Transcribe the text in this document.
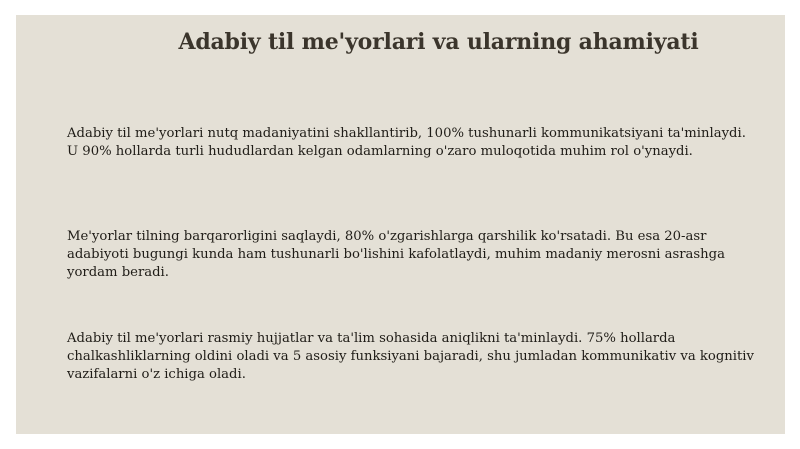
Adabiy til me'yorlari va ularning ahamiyati

Adabiy til me'yorlari nutq madaniyatini shakllantirib, 100% tushunarli kommunikatsiyani ta'minlaydi. U 90% hollarda turli hududlardan kelgan odamlarning o'zaro muloqotida muhim rol o'ynaydi.

Me'yorlar tilning barqarorligini saqlaydi, 80% o'zgarishlarga qarshilik ko'rsatadi. Bu esa 20-asr adabiyoti bugungi kunda ham tushunarli bo'lishini kafolatlaydi, muhim madaniy merosni asrashga yordam beradi.

Adabiy til me'yorlari rasmiy hujjatlar va ta'lim sohasida aniqlikni ta'minlaydi. 75% hollarda chalkashliklarning oldini oladi va 5 asosiy funksiyani bajaradi, shu jumladan kommunikativ va kognitiv vazifalarni o'z ichiga oladi.
